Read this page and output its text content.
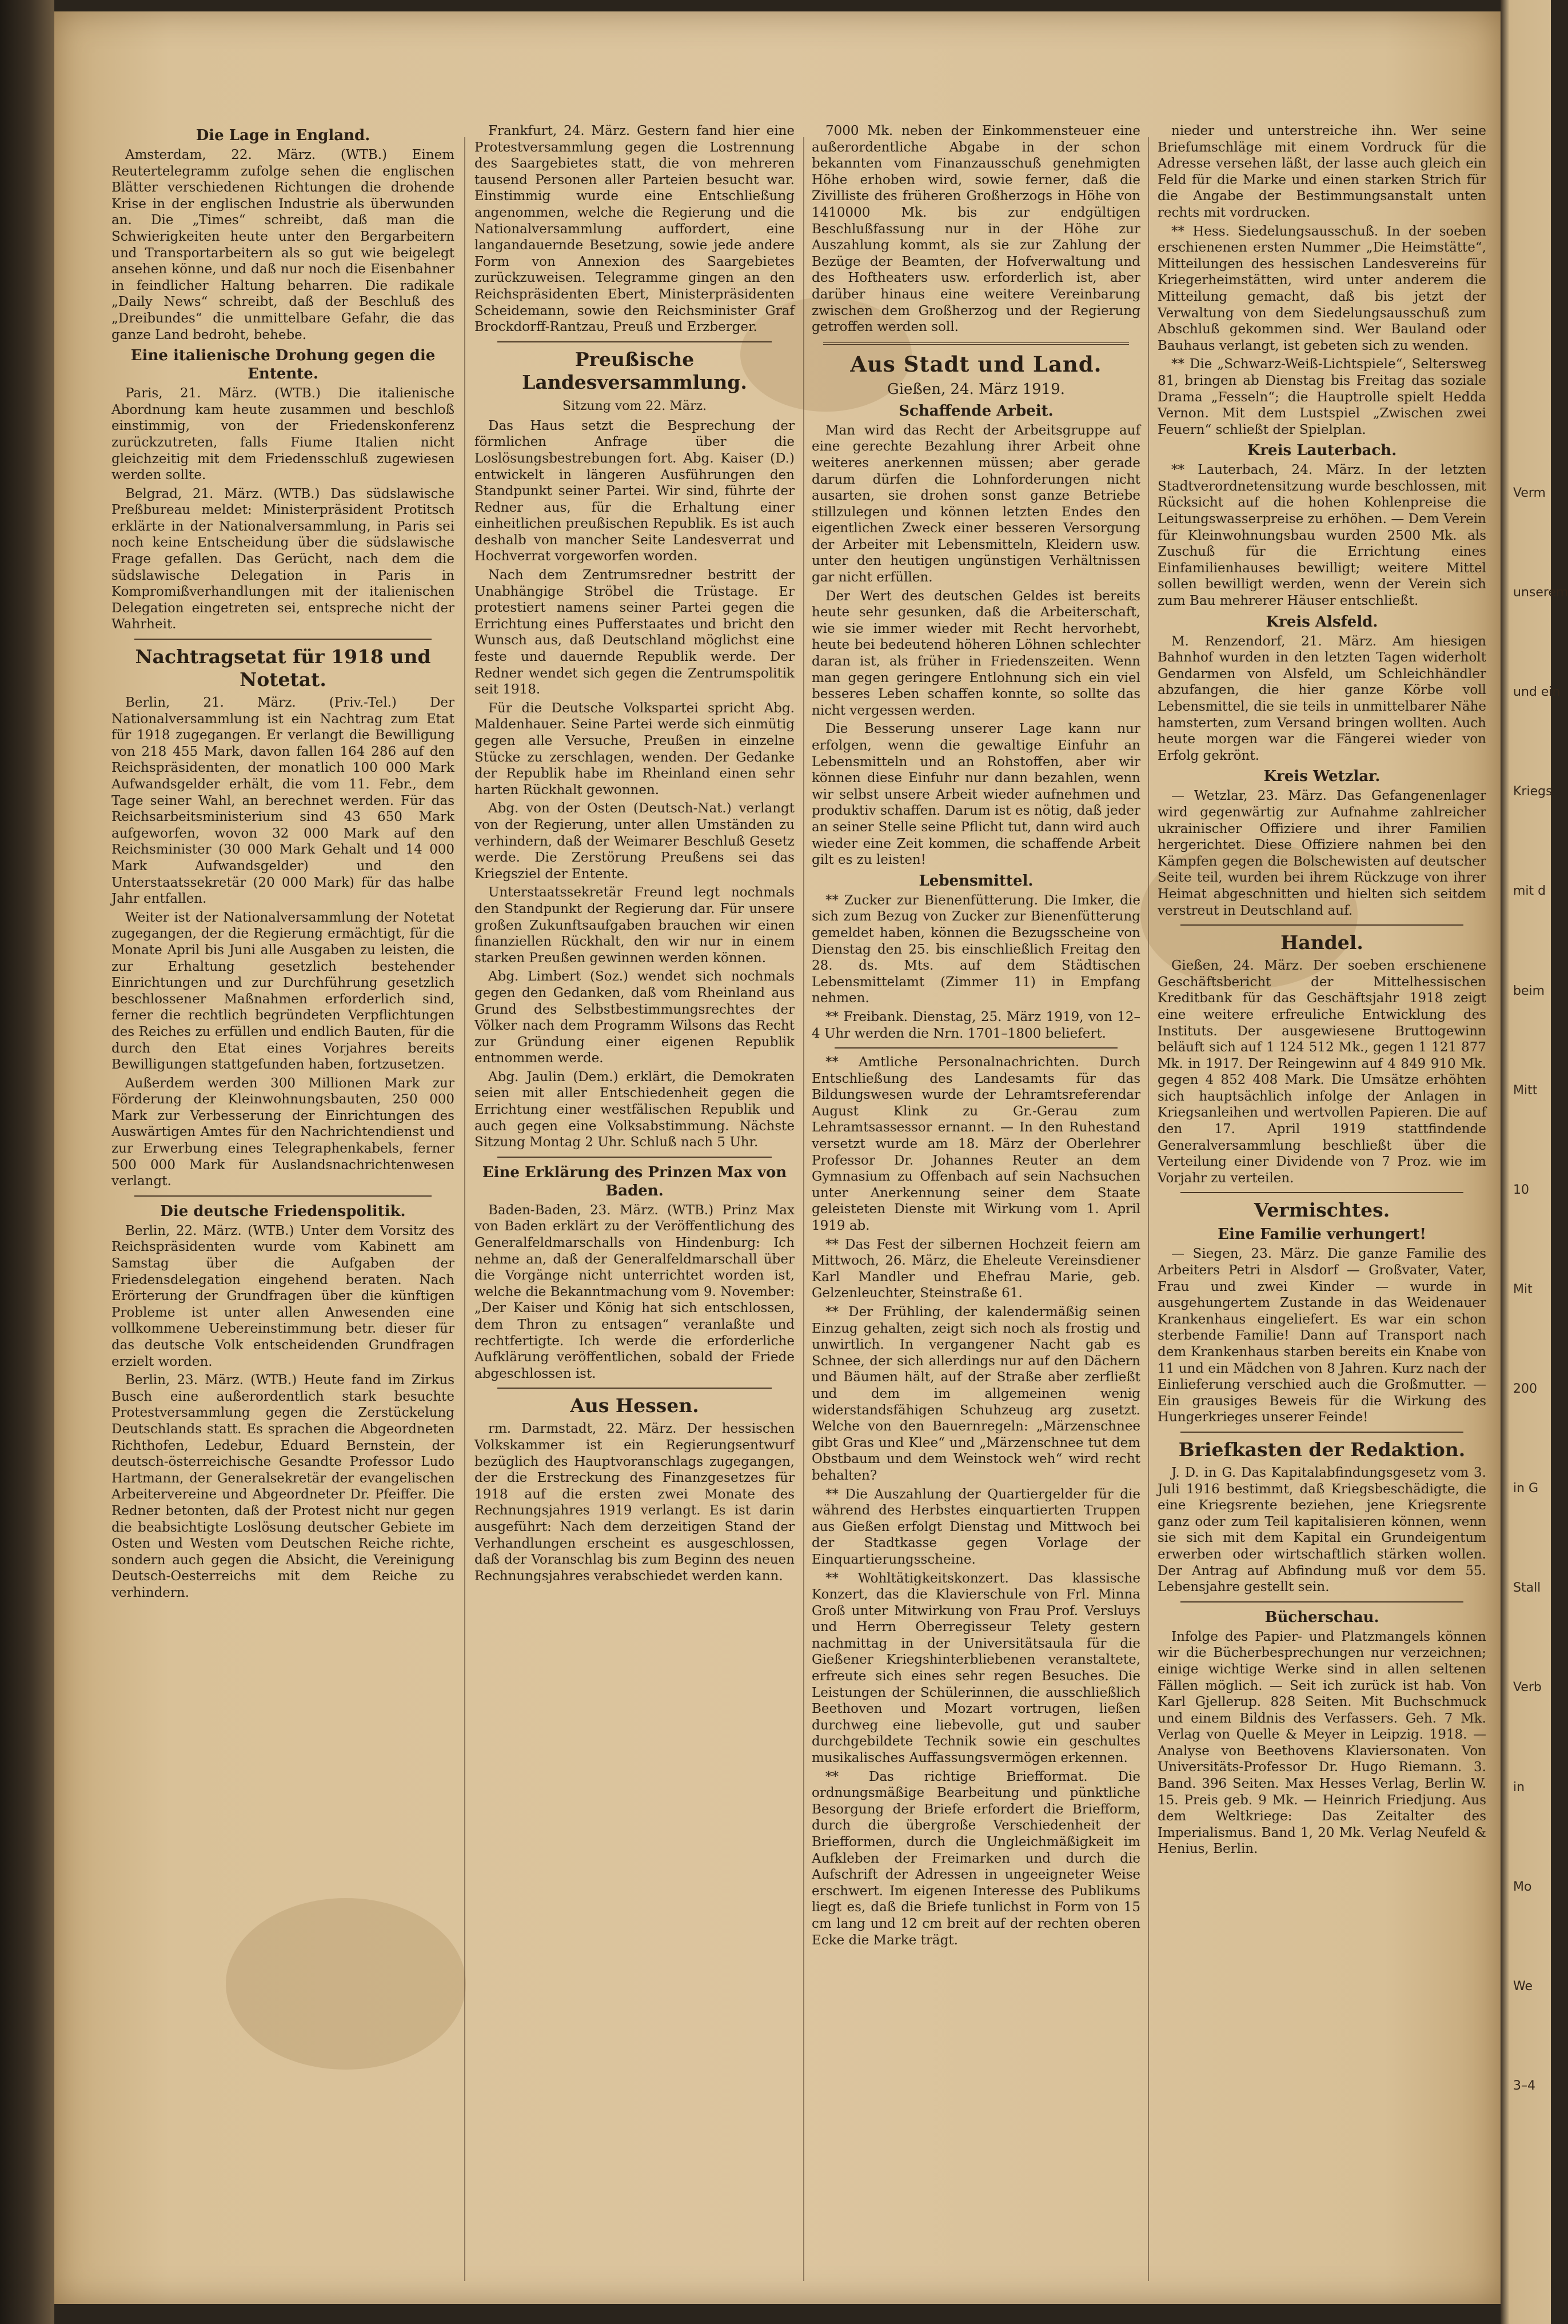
Die Lage in England.

Amsterdam, 22. März. (WTB.) Einem Reutertelegramm zufolge sehen die englischen Blätter verschiedenen Richtungen die drohende Krise in der englischen Industrie als überwunden an. Die „Times“ schreibt, daß man die Schwierigkeiten heute unter den Bergarbeitern und Transportarbeitern als so gut wie beigelegt ansehen könne, und daß nur noch die Eisenbahner in feindlicher Haltung beharren. Die radikale „Daily News“ schreibt, daß der Beschluß des „Dreibundes“ die unmittelbare Gefahr, die das ganze Land bedroht, behebe.

Eine italienische Drohung gegen die Entente.

Paris, 21. März. (WTB.) Die italienische Abordnung kam heute zusammen und beschloß einstimmig, von der Friedenskonferenz zurückzutreten, falls Fiume Italien nicht gleichzeitig mit dem Friedensschluß zugewiesen werden sollte.

Belgrad, 21. März. (WTB.) Das südslawische Preßbureau meldet: Ministerpräsident Protitsch erklärte in der Nationalversammlung, in Paris sei noch keine Entscheidung über die südslawische Frage gefallen. Das Gerücht, nach dem die südslawische Delegation in Paris in Kompromißverhandlungen mit der italienischen Delegation eingetreten sei, entspreche nicht der Wahrheit.

Nachtragsetat für 1918 und Notetat.

Berlin, 21. März. (Priv.-Tel.) Der Nationalversammlung ist ein Nachtrag zum Etat für 1918 zugegangen. Er verlangt die Bewilligung von 218 455 Mark, davon fallen 164 286 auf den Reichspräsidenten, der monatlich 100 000 Mark Aufwandsgelder erhält, die vom 11. Febr., dem Tage seiner Wahl, an berechnet werden. Für das Reichsarbeitsministerium sind 43 650 Mark aufgeworfen, wovon 32 000 Mark auf den Reichsminister (30 000 Mark Gehalt und 14 000 Mark Aufwandsgelder) und den Unterstaatssekretär (20 000 Mark) für das halbe Jahr entfallen.

Weiter ist der Nationalversammlung der Notetat zugegangen, der die Regierung ermächtigt, für die Monate April bis Juni alle Ausgaben zu leisten, die zur Erhaltung gesetzlich bestehender Einrichtungen und zur Durchführung gesetzlich beschlossener Maßnahmen erforderlich sind, ferner die rechtlich begründeten Verpflichtungen des Reiches zu erfüllen und endlich Bauten, für die durch den Etat eines Vorjahres bereits Bewilligungen stattgefunden haben, fortzusetzen.

Außerdem werden 300 Millionen Mark zur Förderung der Kleinwohnungsbauten, 250 000 Mark zur Verbesserung der Einrichtungen des Auswärtigen Amtes für den Nachrichtendienst und zur Erwerbung eines Telegraphenkabels, ferner 500 000 Mark für Auslandsnachrichtenwesen verlangt.

Die deutsche Friedenspolitik.

Berlin, 22. März. (WTB.) Unter dem Vorsitz des Reichspräsidenten wurde vom Kabinett am Samstag über die Aufgaben der Friedensdelegation eingehend beraten. Nach Erörterung der Grundfragen über die künftigen Probleme ist unter allen Anwesenden eine vollkommene Uebereinstimmung betr. dieser für das deutsche Volk entscheidenden Grundfragen erzielt worden.

Berlin, 23. März. (WTB.) Heute fand im Zirkus Busch eine außerordentlich stark besuchte Protestversammlung gegen die Zerstückelung Deutschlands statt. Es sprachen die Abgeordneten Richthofen, Ledebur, Eduard Bernstein, der deutsch-österreichische Gesandte Professor Ludo Hartmann, der Generalsekretär der evangelischen Arbeitervereine und Abgeordneter Dr. Pfeiffer. Die Redner betonten, daß der Protest nicht nur gegen die beabsichtigte Loslösung deutscher Gebiete im Osten und Westen vom Deutschen Reiche richte, sondern auch gegen die Absicht, die Vereinigung Deutsch-Oesterreichs mit dem Reiche zu verhindern.

Frankfurt, 24. März. Gestern fand hier eine Protestversammlung gegen die Lostrennung des Saargebietes statt, die von mehreren tausend Personen aller Parteien besucht war. Einstimmig wurde eine Entschließung angenommen, welche die Regierung und die Nationalversammlung auffordert, eine langandauernde Besetzung, sowie jede andere Form von Annexion des Saargebietes zurückzuweisen. Telegramme gingen an den Reichspräsidenten Ebert, Ministerpräsidenten Scheidemann, sowie den Reichsminister Graf Brockdorff-Rantzau, Preuß und Erzberger.

Preußische Landesversammlung.
Sitzung vom 22. März.

Das Haus setzt die Besprechung der förmlichen Anfrage über die Loslösungsbestrebungen fort. Abg. Kaiser (D.) entwickelt in längeren Ausführungen den Standpunkt seiner Partei. Wir sind, führte der Redner aus, für die Erhaltung einer einheitlichen preußischen Republik. Es ist auch deshalb von mancher Seite Landesverrat und Hochverrat vorgeworfen worden.

Nach dem Zentrumsredner bestritt der Unabhängige Ströbel die Trüstage. Er protestiert namens seiner Partei gegen die Errichtung eines Pufferstaates und bricht den Wunsch aus, daß Deutschland möglichst eine feste und dauernde Republik werde. Der Redner wendet sich gegen die Zentrumspolitik seit 1918.

Für die Deutsche Volkspartei spricht Abg. Maldenhauer. Seine Partei werde sich einmütig gegen alle Versuche, Preußen in einzelne Stücke zu zerschlagen, wenden. Der Gedanke der Republik habe im Rheinland einen sehr harten Rückhalt gewonnen.

Abg. von der Osten (Deutsch-Nat.) verlangt von der Regierung, unter allen Umständen zu verhindern, daß der Weimarer Beschluß Gesetz werde. Die Zerstörung Preußens sei das Kriegsziel der Entente.

Unterstaatssekretär Freund legt nochmals den Standpunkt der Regierung dar. Für unsere großen Zukunftsaufgaben brauchen wir einen finanziellen Rückhalt, den wir nur in einem starken Preußen gewinnen werden können.

Abg. Limbert (Soz.) wendet sich nochmals gegen den Gedanken, daß vom Rheinland aus Grund des Selbstbestimmungsrechtes der Völker nach dem Programm Wilsons das Recht zur Gründung einer eigenen Republik entnommen werde.

Abg. Jaulin (Dem.) erklärt, die Demokraten seien mit aller Entschiedenheit gegen die Errichtung einer westfälischen Republik und auch gegen eine Volksabstimmung. Nächste Sitzung Montag 2 Uhr. Schluß nach 5 Uhr.

Eine Erklärung des Prinzen Max von Baden.

Baden-Baden, 23. März. (WTB.) Prinz Max von Baden erklärt zu der Veröffentlichung des Generalfeldmarschalls von Hindenburg: Ich nehme an, daß der Generalfeldmarschall über die Vorgänge nicht unterrichtet worden ist, welche die Bekanntmachung vom 9. November: „Der Kaiser und König hat sich entschlossen, dem Thron zu entsagen“ veranlaßte und rechtfertigte. Ich werde die erforderliche Aufklärung veröffentlichen, sobald der Friede abgeschlossen ist.

Aus Hessen.

rm. Darmstadt, 22. März. Der hessischen Volkskammer ist ein Regierungsentwurf bezüglich des Hauptvoranschlags zugegangen, der die Erstreckung des Finanzgesetzes für 1918 auf die ersten zwei Monate des Rechnungsjahres 1919 verlangt. Es ist darin ausgeführt: Nach dem derzeitigen Stand der Verhandlungen erscheint es ausgeschlossen, daß der Voranschlag bis zum Beginn des neuen Rechnungsjahres verabschiedet werden kann.

7000 Mk. neben der Einkommensteuer eine außerordentliche Abgabe in der schon bekannten vom Finanzausschuß genehmigten Höhe erhoben wird, sowie ferner, daß die Zivilliste des früheren Großherzogs in Höhe von 1410000 Mk. bis zur endgültigen Beschlußfassung nur in der Höhe zur Auszahlung kommt, als sie zur Zahlung der Bezüge der Beamten, der Hofverwaltung und des Hoftheaters usw. erforderlich ist, aber darüber hinaus eine weitere Vereinbarung zwischen dem Großherzog und der Regierung getroffen werden soll.

Aus Stadt und Land.
Gießen, 24. März 1919.
Schaffende Arbeit.

Man wird das Recht der Arbeitsgruppe auf eine gerechte Bezahlung ihrer Arbeit ohne weiteres anerkennen müssen; aber gerade darum dürfen die Lohnforderungen nicht ausarten, sie drohen sonst ganze Betriebe stillzulegen und können letzten Endes den eigentlichen Zweck einer besseren Versorgung der Arbeiter mit Lebensmitteln, Kleidern usw. unter den heutigen ungünstigen Verhältnissen gar nicht erfüllen.

Der Wert des deutschen Geldes ist bereits heute sehr gesunken, daß die Arbeiterschaft, wie sie immer wieder mit Recht hervorhebt, heute bei bedeutend höheren Löhnen schlechter daran ist, als früher in Friedenszeiten. Wenn man gegen geringere Entlohnung sich ein viel besseres Leben schaffen konnte, so sollte das nicht vergessen werden.

Die Besserung unserer Lage kann nur erfolgen, wenn die gewaltige Einfuhr an Lebensmitteln und an Rohstoffen, aber wir können diese Einfuhr nur dann bezahlen, wenn wir selbst unsere Arbeit wieder aufnehmen und produktiv schaffen. Darum ist es nötig, daß jeder an seiner Stelle seine Pflicht tut, dann wird auch wieder eine Zeit kommen, die schaffende Arbeit gilt es zu leisten!

Lebensmittel.

** Zucker zur Bienenfütterung. Die Imker, die sich zum Bezug von Zucker zur Bienenfütterung gemeldet haben, können die Bezugsscheine von Dienstag den 25. bis einschließlich Freitag den 28. ds. Mts. auf dem Städtischen Lebensmittelamt (Zimmer 11) in Empfang nehmen.

** Freibank. Dienstag, 25. März 1919, von 12–4 Uhr werden die Nrn. 1701–1800 beliefert.

** Amtliche Personalnachrichten. Durch Entschließung des Landesamts für das Bildungswesen wurde der Lehramtsreferendar August Klink zu Gr.-Gerau zum Lehramtsassessor ernannt. — In den Ruhestand versetzt wurde am 18. März der Oberlehrer Professor Dr. Johannes Reuter an dem Gymnasium zu Offenbach auf sein Nachsuchen unter Anerkennung seiner dem Staate geleisteten Dienste mit Wirkung vom 1. April 1919 ab.

** Das Fest der silbernen Hochzeit feiern am Mittwoch, 26. März, die Eheleute Vereinsdiener Karl Mandler und Ehefrau Marie, geb. Gelzenleuchter, Steinstraße 61.

** Der Frühling, der kalendermäßig seinen Einzug gehalten, zeigt sich noch als frostig und unwirtlich. In vergangener Nacht gab es Schnee, der sich allerdings nur auf den Dächern und Bäumen hält, auf der Straße aber zerfließt und dem im allgemeinen wenig widerstandsfähigen Schuhzeug arg zusetzt. Welche von den Bauernregeln: „Märzenschnee gibt Gras und Klee“ und „Märzenschnee tut dem Obstbaum und dem Weinstock weh“ wird recht behalten?

** Die Auszahlung der Quartiergelder für die während des Herbstes einquartierten Truppen aus Gießen erfolgt Dienstag und Mittwoch bei der Stadtkasse gegen Vorlage der Einquartierungsscheine.

** Wohltätigkeitskonzert. Das klassische Konzert, das die Klavierschule von Frl. Minna Groß unter Mitwirkung von Frau Prof. Versluys und Herrn Oberregisseur Telety gestern nachmittag in der Universitätsaula für die Gießener Kriegshinterbliebenen veranstaltete, erfreute sich eines sehr regen Besuches. Die Leistungen der Schülerinnen, die ausschließlich Beethoven und Mozart vortrugen, ließen durchweg eine liebevolle, gut und sauber durchgebildete Technik sowie ein geschultes musikalisches Auffassungsvermögen erkennen.

** Das richtige Briefformat. Die ordnungsmäßige Bearbeitung und pünktliche Besorgung der Briefe erfordert die Briefform, durch die übergroße Verschiedenheit der Briefformen, durch die Ungleichmäßigkeit im Aufkleben der Freimarken und durch die Aufschrift der Adressen in ungeeigneter Weise erschwert. Im eigenen Interesse des Publikums liegt es, daß die Briefe tunlichst in Form von 15 cm lang und 12 cm breit auf der rechten oberen Ecke die Marke trägt.

nieder und unterstreiche ihn. Wer seine Briefumschläge mit einem Vordruck für die Adresse versehen läßt, der lasse auch gleich ein Feld für die Marke und einen starken Strich für die Angabe der Bestimmungsanstalt unten rechts mit vordrucken.

** Hess. Siedelungsausschuß. In der soeben erschienenen ersten Nummer „Die Heimstätte“, Mitteilungen des hessischen Landesvereins für Kriegerheimstätten, wird unter anderem die Mitteilung gemacht, daß bis jetzt der Verwaltung von dem Siedelungsausschuß zum Abschluß gekommen sind. Wer Bauland oder Bauhaus verlangt, ist gebeten sich zu wenden.

** Die „Schwarz-Weiß-Lichtspiele“, Seltersweg 81, bringen ab Dienstag bis Freitag das soziale Drama „Fesseln“; die Hauptrolle spielt Hedda Vernon. Mit dem Lustspiel „Zwischen zwei Feuern“ schließt der Spielplan.

Kreis Lauterbach.

** Lauterbach, 24. März. In der letzten Stadtverordnetensitzung wurde beschlossen, mit Rücksicht auf die hohen Kohlenpreise die Leitungswasserpreise zu erhöhen. — Dem Verein für Kleinwohnungsbau wurden 2500 Mk. als Zuschuß für die Errichtung eines Einfamilienhauses bewilligt; weitere Mittel sollen bewilligt werden, wenn der Verein sich zum Bau mehrerer Häuser entschließt.

Kreis Alsfeld.

M. Renzendorf, 21. März. Am hiesigen Bahnhof wurden in den letzten Tagen widerholt Gendarmen von Alsfeld, um Schleichhändler abzufangen, die hier ganze Körbe voll Lebensmittel, die sie teils in unmittelbarer Nähe hamsterten, zum Versand bringen wollten. Auch heute morgen war die Fängerei wieder von Erfolg gekrönt.

Kreis Wetzlar.

— Wetzlar, 23. März. Das Gefangenenlager wird gegenwärtig zur Aufnahme zahlreicher ukrainischer Offiziere und ihrer Familien hergerichtet. Diese Offiziere nahmen bei den Kämpfen gegen die Bolschewisten auf deutscher Seite teil, wurden bei ihrem Rückzuge von ihrer Heimat abgeschnitten und hielten sich seitdem verstreut in Deutschland auf.

Handel.

Gießen, 24. März. Der soeben erschienene Geschäftsbericht der Mittelhessischen Kreditbank für das Geschäftsjahr 1918 zeigt eine weitere erfreuliche Entwicklung des Instituts. Der ausgewiesene Bruttogewinn beläuft sich auf 1 124 512 Mk., gegen 1 121 877 Mk. in 1917. Der Reingewinn auf 4 849 910 Mk. gegen 4 852 408 Mark. Die Umsätze erhöhten sich hauptsächlich infolge der Anlagen in Kriegsanleihen und wertvollen Papieren. Die auf den 17. April 1919 stattfindende Generalversammlung beschließt über die Verteilung einer Dividende von 7 Proz. wie im Vorjahr zu verteilen.

Vermischtes.
Eine Familie verhungert!

— Siegen, 23. März. Die ganze Familie des Arbeiters Petri in Alsdorf — Großvater, Vater, Frau und zwei Kinder — wurde in ausgehungertem Zustande in das Weidenauer Krankenhaus eingeliefert. Es war ein schon sterbende Familie! Dann auf Transport nach dem Krankenhaus starben bereits ein Knabe von 11 und ein Mädchen von 8 Jahren. Kurz nach der Einlieferung verschied auch die Großmutter. — Ein grausiges Beweis für die Wirkung des Hungerkrieges unserer Feinde!

Briefkasten der Redaktion.

J. D. in G. Das Kapitalabfindungsgesetz vom 3. Juli 1916 bestimmt, daß Kriegsbeschädigte, die eine Kriegsrente beziehen, jene Kriegsrente ganz oder zum Teil kapitalisieren können, wenn sie sich mit dem Kapital ein Grundeigentum erwerben oder wirtschaftlich stärken wollen. Der Antrag auf Abfindung muß vor dem 55. Lebensjahre gestellt sein.

Bücherschau.

Infolge des Papier- und Platzmangels können wir die Bücherbesprechungen nur verzeichnen; einige wichtige Werke sind in allen seltenen Fällen möglich. — Seit ich zurück ist hab. Von Karl Gjellerup. 828 Seiten. Mit Buchschmuck und einem Bildnis des Verfassers. Geh. 7 Mk. Verlag von Quelle & Meyer in Leipzig. 1918. — Analyse von Beethovens Klaviersonaten. Von Universitäts-Professor Dr. Hugo Riemann. 3. Band. 396 Seiten. Max Hesses Verlag, Berlin W. 15. Preis geb. 9 Mk. — Heinrich Friedjung. Aus dem Weltkriege: Das Zeitalter des Imperialismus. Band 1, 20 Mk. Verlag Neufeld & Henius, Berlin.

Verm
unserem
und ein
Kriegs
mit d
beim
Mitt
10
Mit
200
in G
Stall
Verb
in
Mo
We
3–4
